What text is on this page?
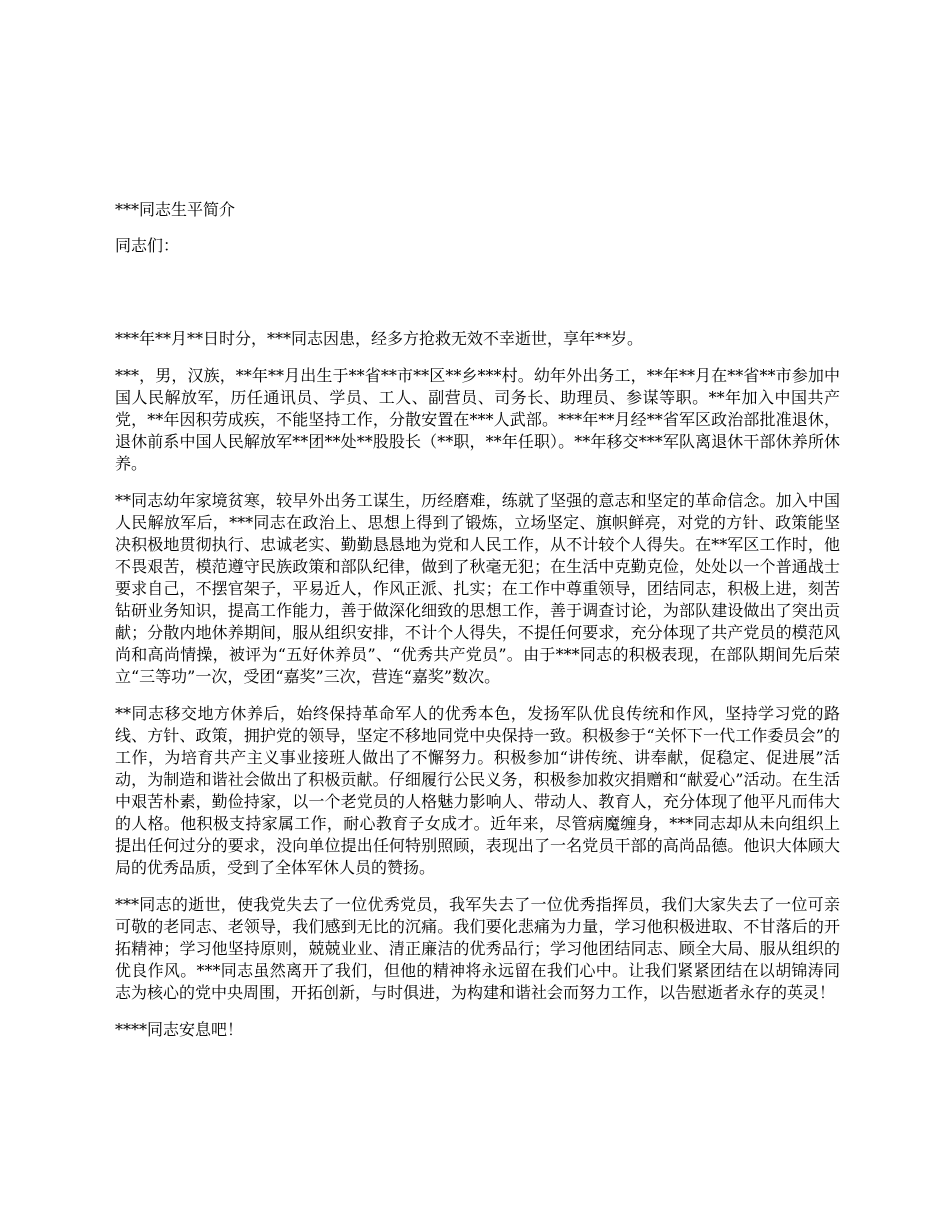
***同志生平简介
同志们：

***年**月**日时分，***同志因患，经多方抢救无效不幸逝世，享年**岁。

***，男，汉族，**年**月出生于**省**市**区**乡***村。幼年外出务工，**年**月在**省**市参加中国人民解放军，历任通讯员、学员、工人、副营员、司务长、助理员、参谋等职。**年加入中国共产党，**年因积劳成疾，不能坚持工作，分散安置在***人武部。***年**月经**省军区政治部批准退休，退休前系中国人民解放军**团**处**股股长（**职，**年任职）。**年移交***军队离退休干部休养所休养。

**同志幼年家境贫寒，较早外出务工谋生，历经磨难，练就了坚强的意志和坚定的革命信念。加入中国人民解放军后，***同志在政治上、思想上得到了锻炼，立场坚定、旗帜鲜亮，对党的方针、政策能坚决积极地贯彻执行、忠诚老实、勤勤恳恳地为党和人民工作，从不计较个人得失。在**军区工作时，他不畏艰苦，模范遵守民族政策和部队纪律，做到了秋毫无犯；在生活中克勤克俭，处处以一个普通战士要求自己，不摆官架子，平易近人，作风正派、扎实；在工作中尊重领导，团结同志，积极上进，刻苦钻研业务知识，提高工作能力，善于做深化细致的思想工作，善于调查讨论，为部队建设做出了突出贡献；分散内地休养期间，服从组织安排，不计个人得失，不提任何要求，充分体现了共产党员的模范风尚和高尚情操，被评为“五好休养员”、“优秀共产党员”。由于***同志的积极表现，在部队期间先后荣立“三等功”一次，受团“嘉奖”三次，营连“嘉奖”数次。

**同志移交地方休养后，始终保持革命军人的优秀本色，发扬军队优良传统和作风，坚持学习党的路线、方针、政策，拥护党的领导，坚定不移地同党中央保持一致。积极参于“关怀下一代工作委员会”的工作，为培育共产主义事业接班人做出了不懈努力。积极参加“讲传统、讲奉献，促稳定、促进展”活动，为制造和谐社会做出了积极贡献。仔细履行公民义务，积极参加救灾捐赠和“献爱心”活动。在生活中艰苦朴素，勤俭持家，以一个老党员的人格魅力影响人、带动人、教育人，充分体现了他平凡而伟大的人格。他积极支持家属工作，耐心教育子女成才。近年来，尽管病魔缠身，***同志却从未向组织上提出任何过分的要求，没向单位提出任何特别照顾，表现出了一名党员干部的高尚品德。他识大体顾大局的优秀品质，受到了全体军休人员的赞扬。

***同志的逝世，使我党失去了一位优秀党员，我军失去了一位优秀指挥员，我们大家失去了一位可亲可敬的老同志、老领导，我们感到无比的沉痛。我们要化悲痛为力量，学习他积极进取、不甘落后的开拓精神；学习他坚持原则，兢兢业业、清正廉洁的优秀品行；学习他团结同志、顾全大局、服从组织的优良作风。***同志虽然离开了我们，但他的精神将永远留在我们心中。让我们紧紧团结在以胡锦涛同志为核心的党中央周围，开拓创新，与时俱进，为构建和谐社会而努力工作，以告慰逝者永存的英灵！

****同志安息吧！
